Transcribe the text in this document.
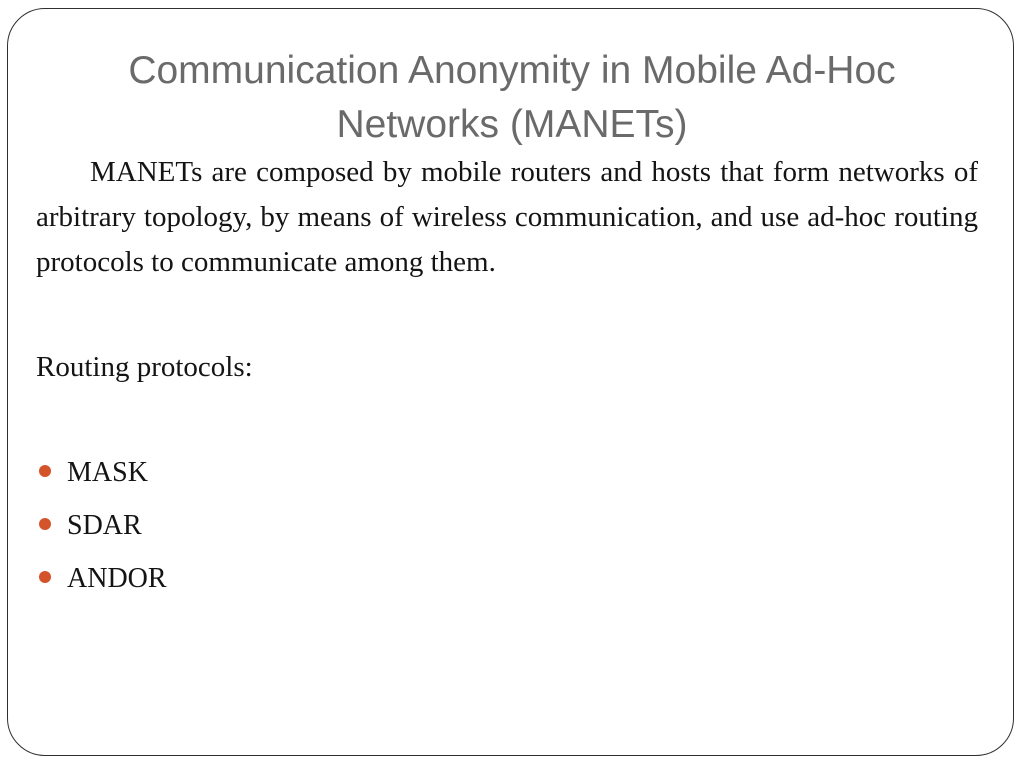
Communication Anonymity in Mobile Ad-Hoc
Networks (MANETs)

MANETs are composed by mobile routers and hosts that form networks of arbitrary topology, by means of wireless communication, and use ad-hoc routing protocols to communicate among them.

Routing protocols:
MASK
SDAR
ANDOR
